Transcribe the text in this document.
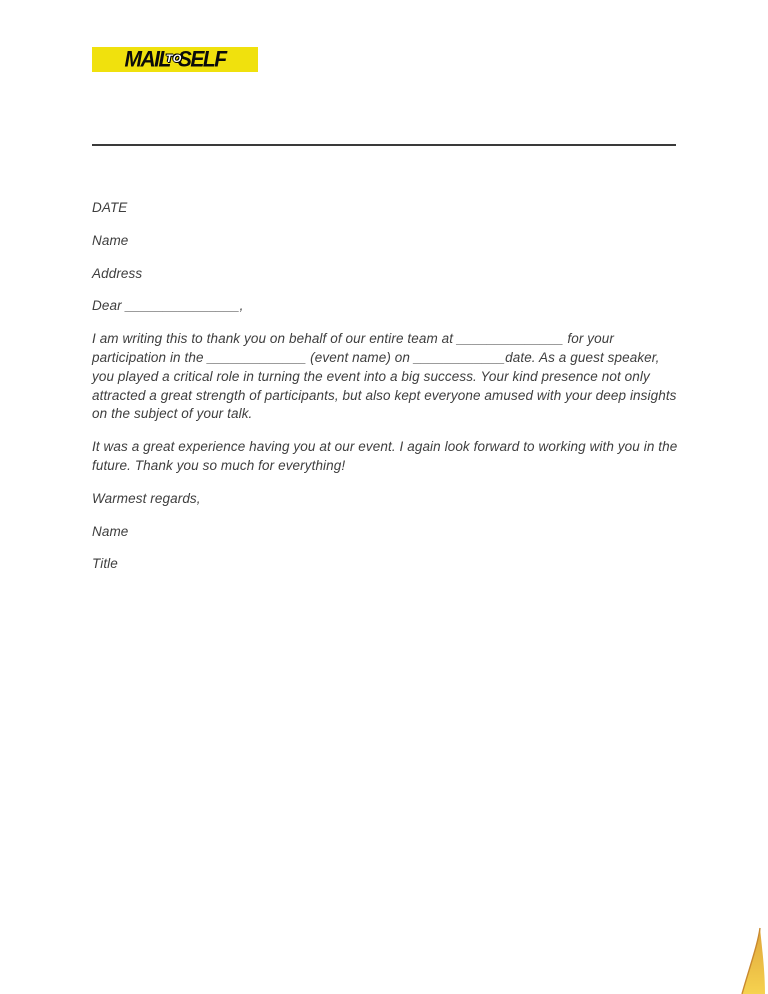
MAIL
TO
SELF

DATE

Name

Address

Dear _______________,

I am writing this to thank you on behalf of our entire team at ______________ for your participation in the _____________ (event name) on ____________date. As a guest speaker, you played a critical role in turning the event into a big success. Your kind presence not only attracted a great strength of participants, but also kept everyone amused with your deep insights on the subject of your talk.

It was a great experience having you at our event. I again look forward to working with you in the future. Thank you so much for everything!

Warmest regards,

Name

Title
